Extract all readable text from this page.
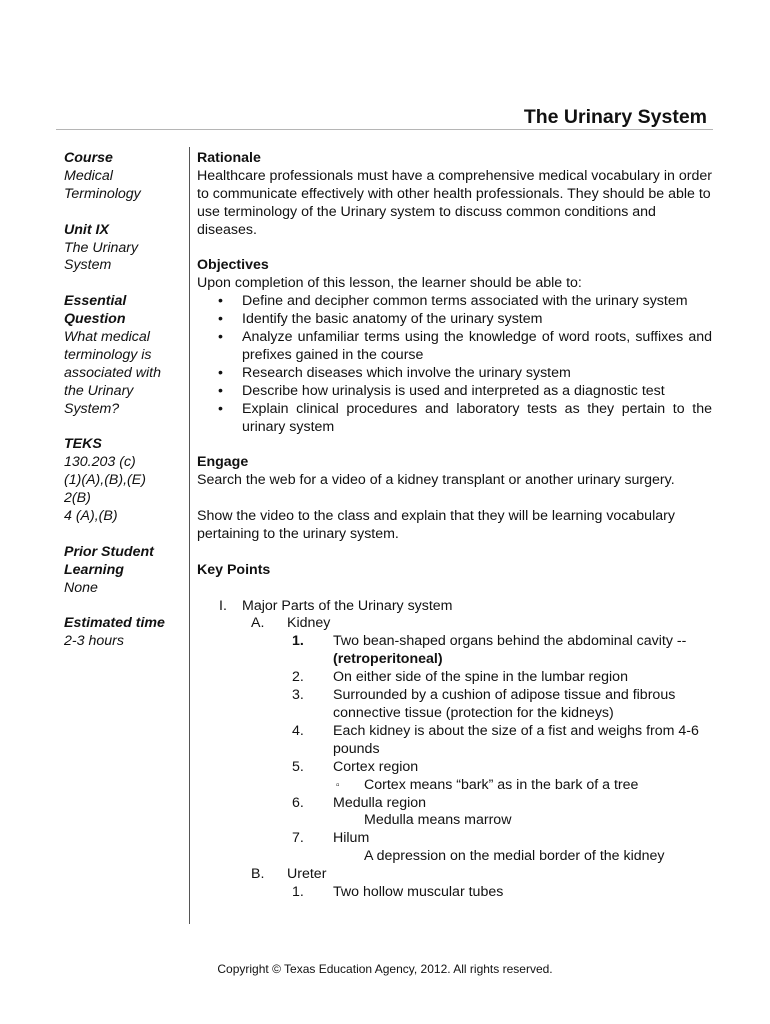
The Urinary System
Course
Medical
Terminology
Unit IX
The Urinary
System
Essential
Question
What medical
terminology is
associated with
the Urinary
System?
TEKS
130.203 (c)
(1)(A),(B),(E)
2(B)
4 (A),(B)
Prior Student
Learning
None
Estimated time
2-3 hours
Rationale

Healthcare professionals must have a comprehensive medical vocabulary in order to communicate effectively with other health professionals. They should be able to use terminology of the Urinary system to discuss common conditions and diseases.

Objectives

Upon completion of this lesson, the learner should be able to:

• Define and decipher common terms associated with the urinary system
• Identify the basic anatomy of the urinary system
• Analyze unfamiliar terms using the knowledge of word roots, suffixes and prefixes gained in the course
• Research diseases which involve the urinary system
• Describe how urinalysis is used and interpreted as a diagnostic test
• Explain clinical procedures and laboratory tests as they pertain to the urinary system
Engage

Search the web for a video of a kidney transplant or another urinary surgery.

Show the video to the class and explain that they will be learning vocabulary pertaining to the urinary system.

Key Points
I.	Major Parts of the Urinary system
A.	Kidney
1.	Two bean-shaped organs behind the abdominal cavity --
(retroperitoneal)
2.	On either side of the spine in the lumbar region
3.	Surrounded by a cushion of adipose tissue and fibrous connective tissue (protection for the kidneys)
4.	Each kidney is about the size of a fist and weighs from 4-6 pounds
5.	Cortex region
▫	Cortex means “bark” as in the bark of a tree
6.	Medulla region
Medulla means marrow
7.	Hilum
A depression on the medial border of the kidney
B.	Ureter
1.	Two hollow muscular tubes
Copyright © Texas Education Agency, 2012. All rights reserved.
